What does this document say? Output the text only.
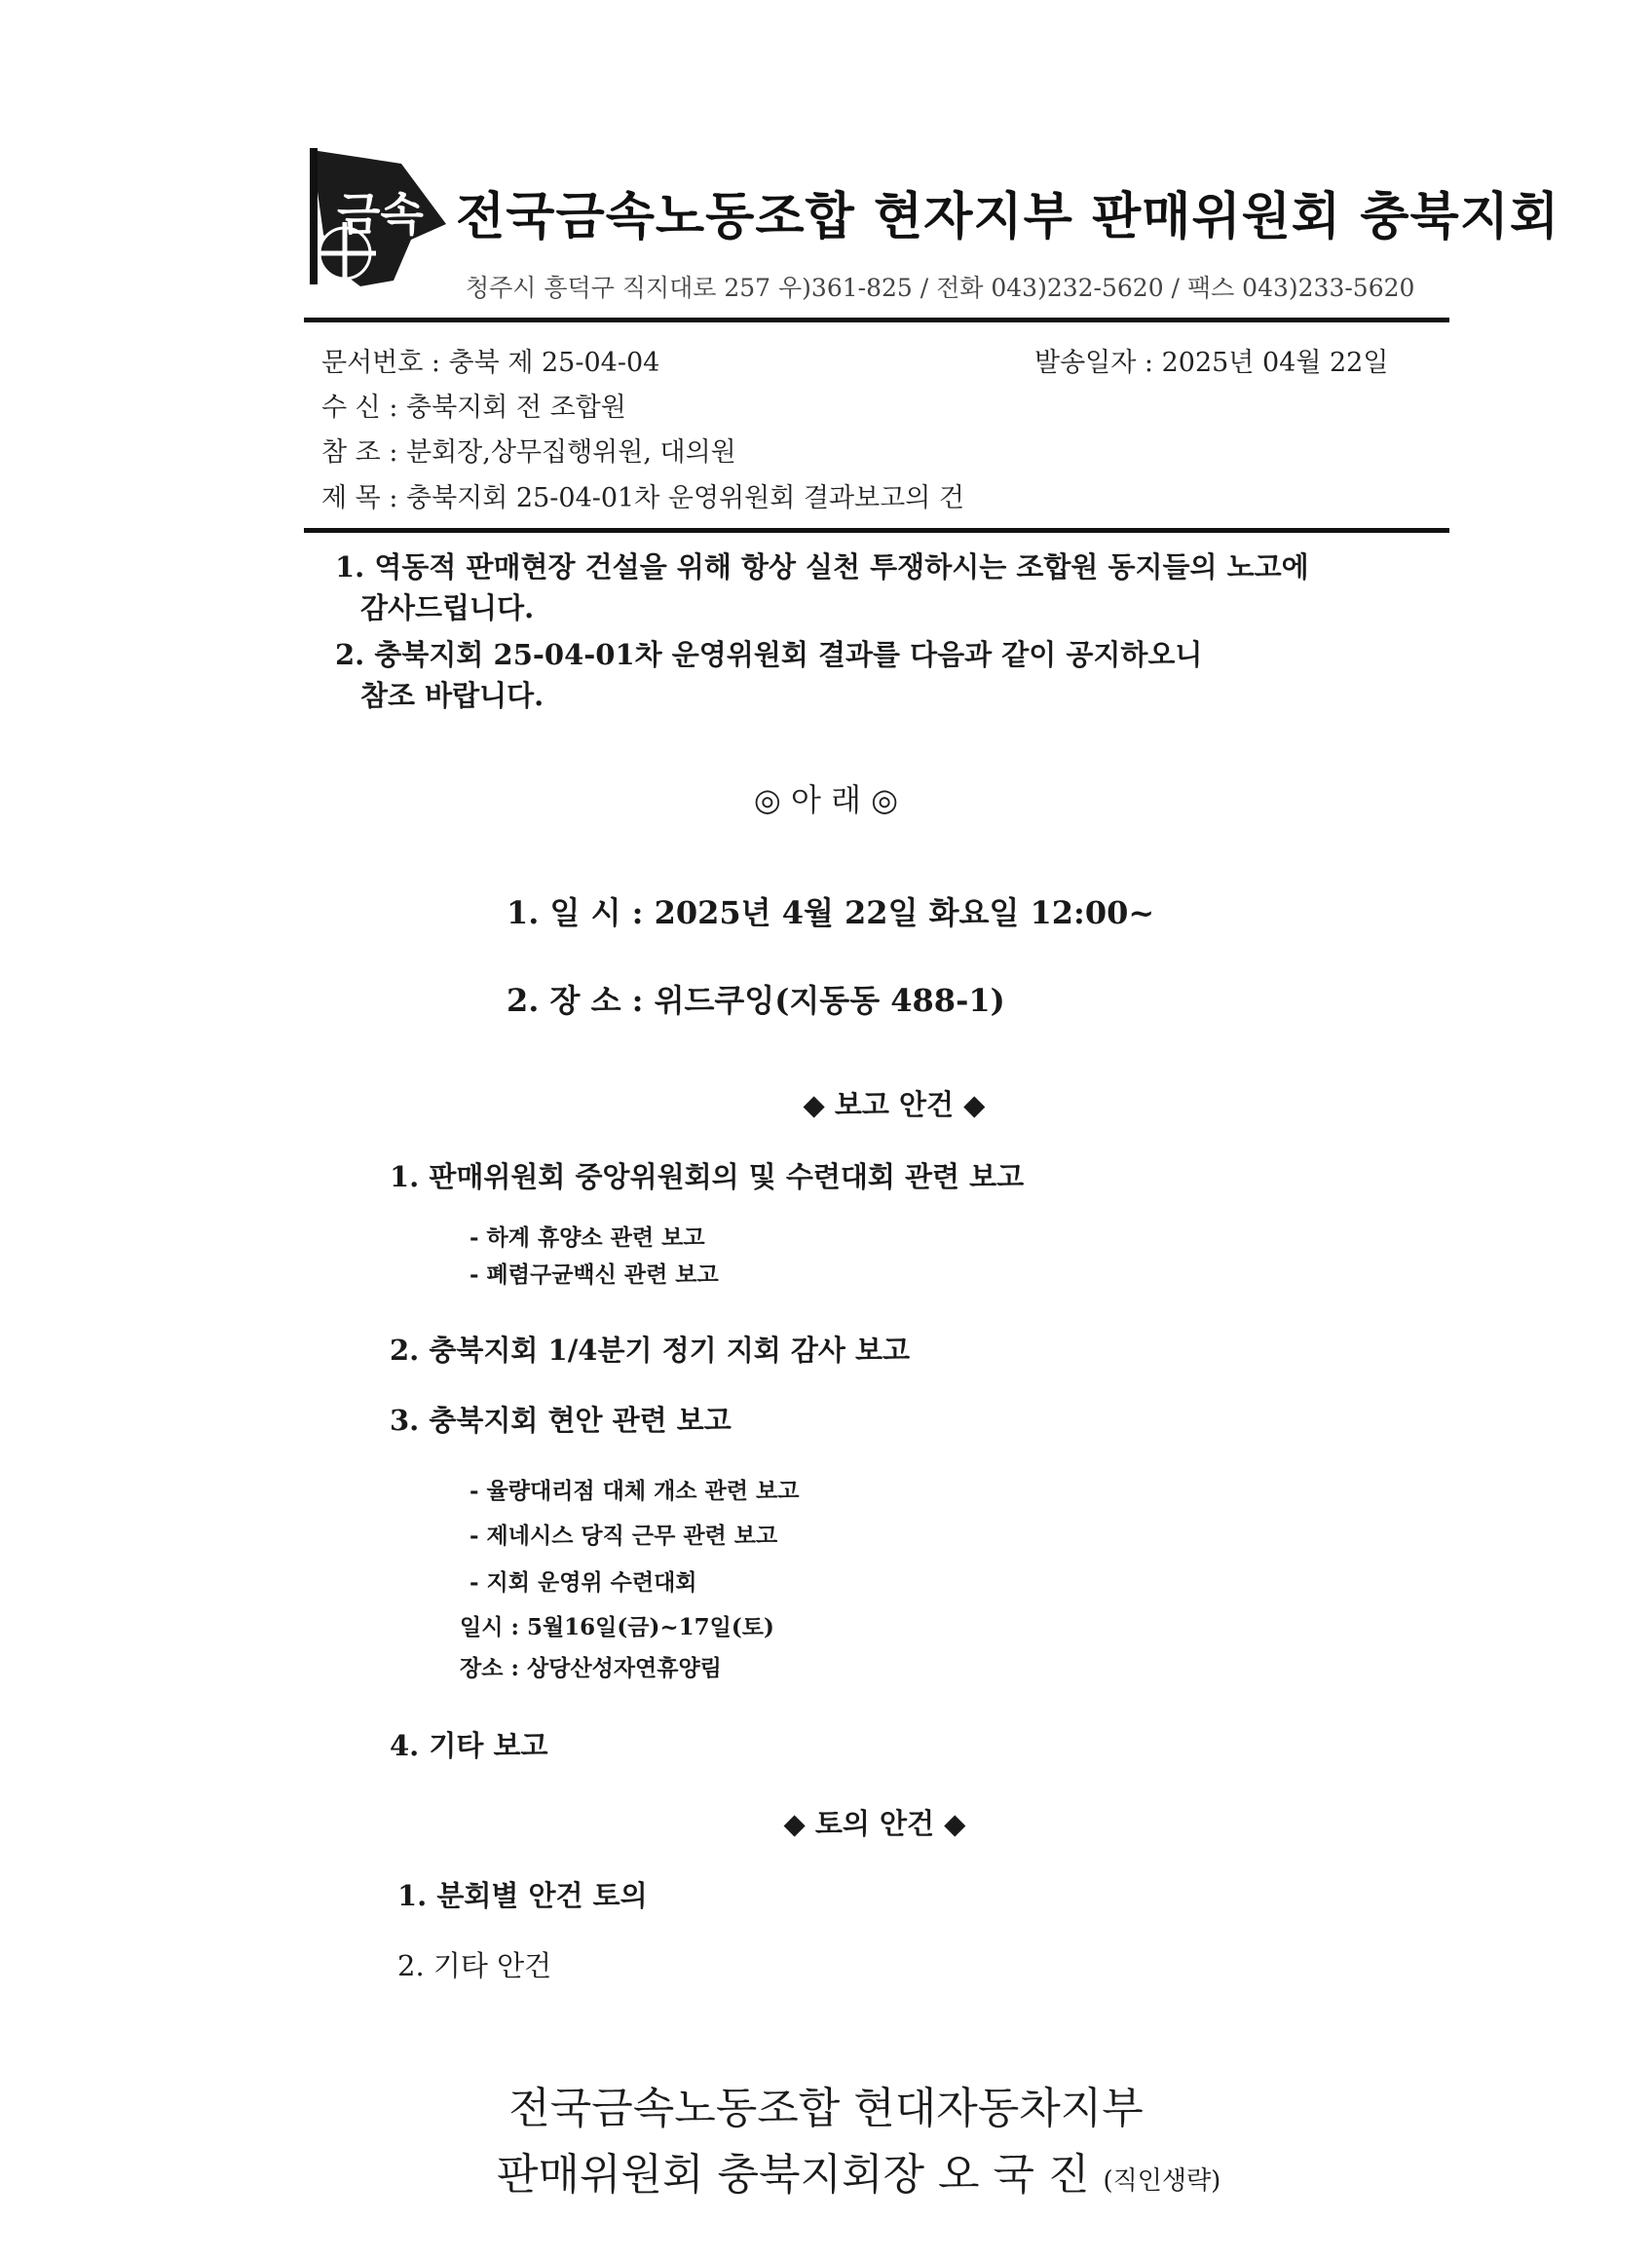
금속 전국금속노동조합 현자지부 판매위원회 충북지회
청주시 흥덕구 직지대로 257 우)361-825 / 전화 043)232-5620 / 팩스 043)233-5620
문서번호 : 충북 제 25-04-04	발송일자 : 2025년 04월 22일
수 신 : 충북지회 전 조합원
참 조 : 분회장,상무집행위원, 대의원
제 목 : 충북지회 25-04-01차 운영위원회 결과보고의 건
1. 역동적 판매현장 건설을 위해 항상 실천 투쟁하시는 조합원 동지들의 노고에
감사드립니다.
2. 충북지회 25-04-01차 운영위원회 결과를 다음과 같이 공지하오니
참조 바랍니다.
◎ 아 래 ◎
1. 일 시 : 2025년 4월 22일 화요일 12:00~
2. 장 소 : 위드쿠잉(지동동 488-1)
◆ 보고 안건 ◆
1. 판매위원회 중앙위원회의 및 수련대회 관련 보고
- 하계 휴양소 관련 보고
- 폐렴구균백신 관련 보고
2. 충북지회 1/4분기 정기 지회 감사 보고
3. 충북지회 현안 관련 보고
- 율량대리점 대체 개소 관련 보고
- 제네시스 당직 근무 관련 보고
- 지회 운영위 수련대회
일시 : 5월16일(금)~17일(토)
장소 : 상당산성자연휴양림
4. 기타 보고
◆ 토의 안건 ◆
1. 분회별 안건 토의
2. 기타 안건
전국금속노동조합 현대자동차지부
판매위원회 충북지회장 오 국 진 (직인생략)
